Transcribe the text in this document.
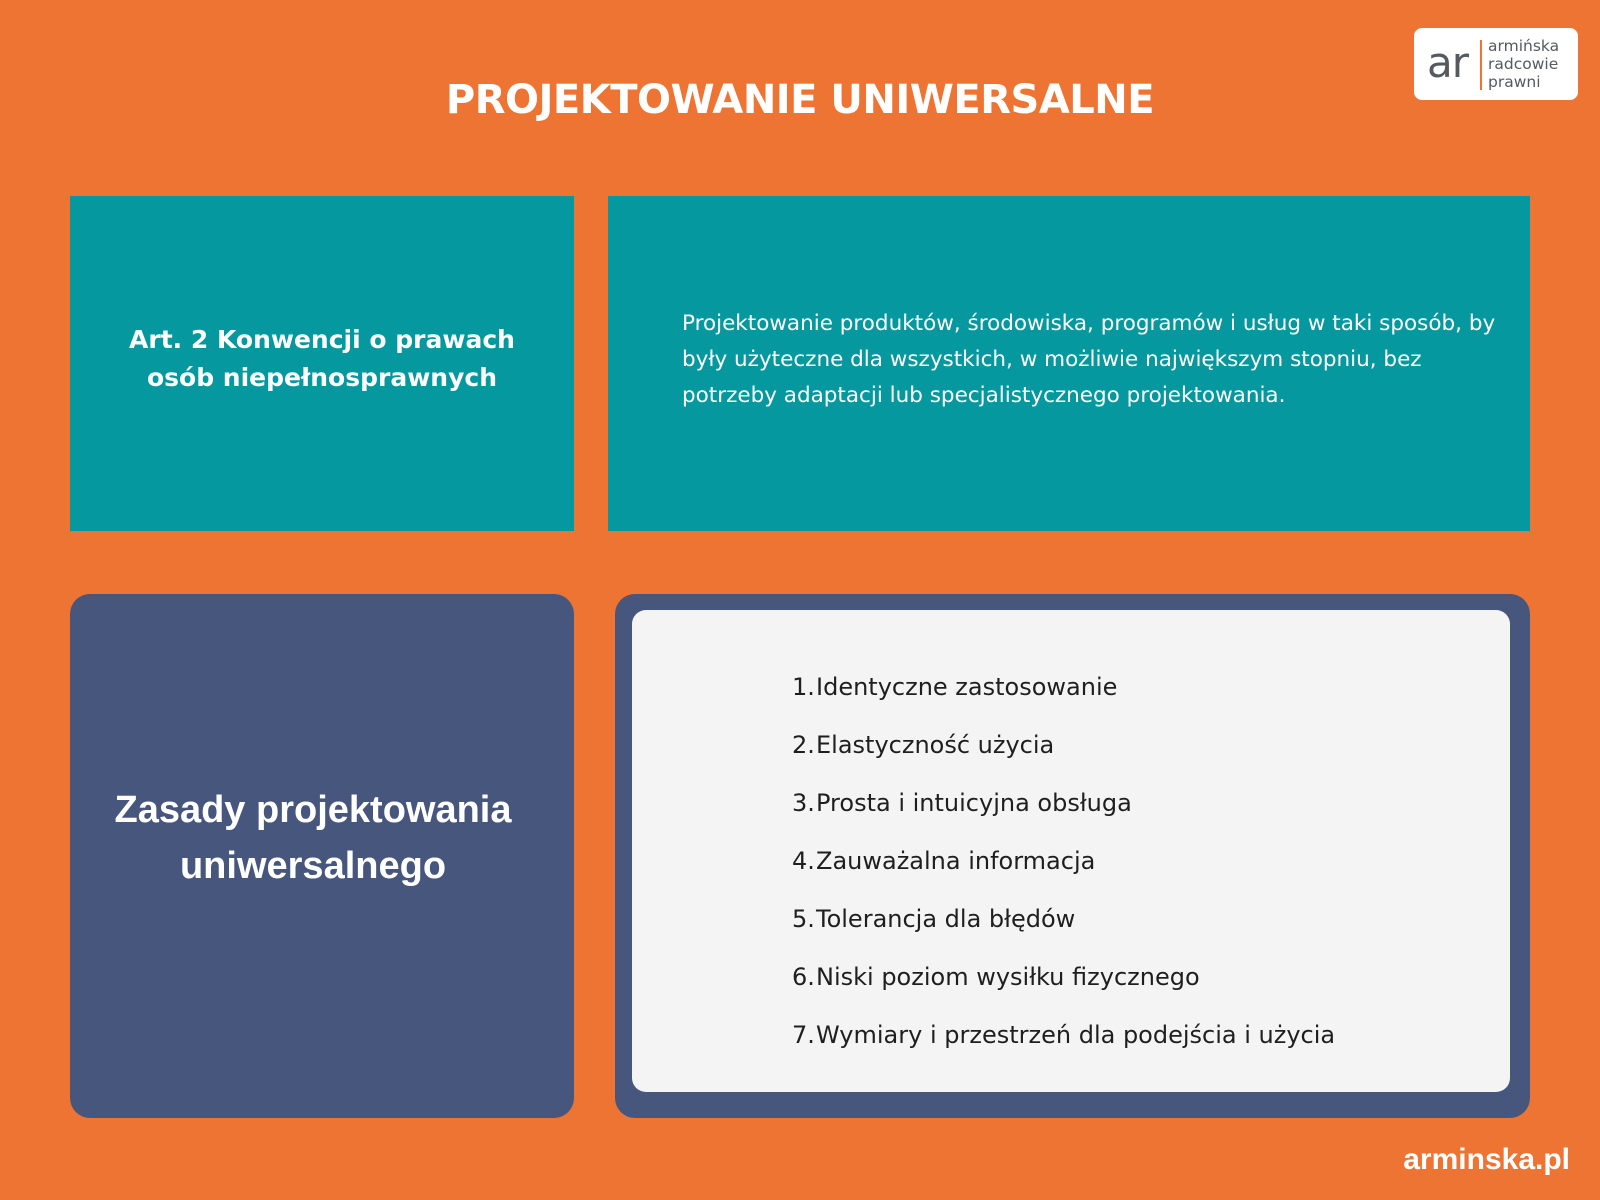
PROJEKTOWANIE UNIWERSALNE
ar armińska
radcowie
prawni
Art. 2 Konwencji o prawach osób niepełnosprawnych
Projektowanie produktów, środowiska, programów i usług w taki sposób, by były użyteczne dla wszystkich, w możliwie największym stopniu, bez potrzeby adaptacji lub specjalistycznego projektowania.
Zasady projektowania uniwersalnego
1. Identyczne zastosowanie
2. Elastyczność użycia
3. Prosta i intuicyjna obsługa
4. Zauważalna informacja
5. Tolerancja dla błędów
6. Niski poziom wysiłku fizycznego
7. Wymiary i przestrzeń dla podejścia i użycia
arminska.pl
